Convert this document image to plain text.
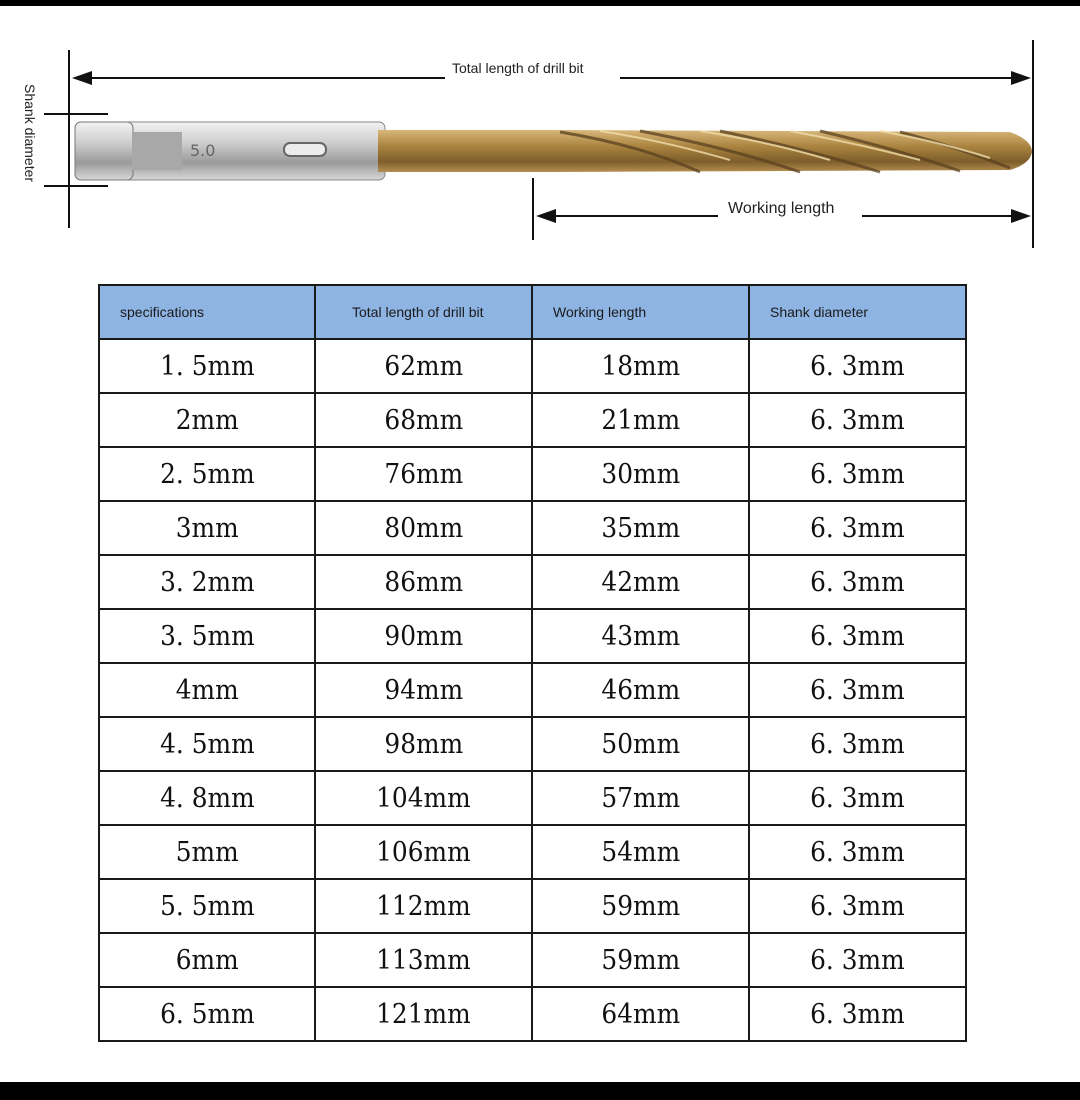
5.0
Total length of drill bit
Working length
Shank diameter
specifications	Total length of drill bit	Working length	Shank diameter

1. 5mm	62mm	18mm	6. 3mm
2mm	68mm	21mm	6. 3mm
2. 5mm	76mm	30mm	6. 3mm
3mm	80mm	35mm	6. 3mm
3. 2mm	86mm	42mm	6. 3mm
3. 5mm	90mm	43mm	6. 3mm
4mm	94mm	46mm	6. 3mm
4. 5mm	98mm	50mm	6. 3mm
4. 8mm	104mm	57mm	6. 3mm
5mm	106mm	54mm	6. 3mm
5. 5mm	112mm	59mm	6. 3mm
6mm	113mm	59mm	6. 3mm
6. 5mm	121mm	64mm	6. 3mm
